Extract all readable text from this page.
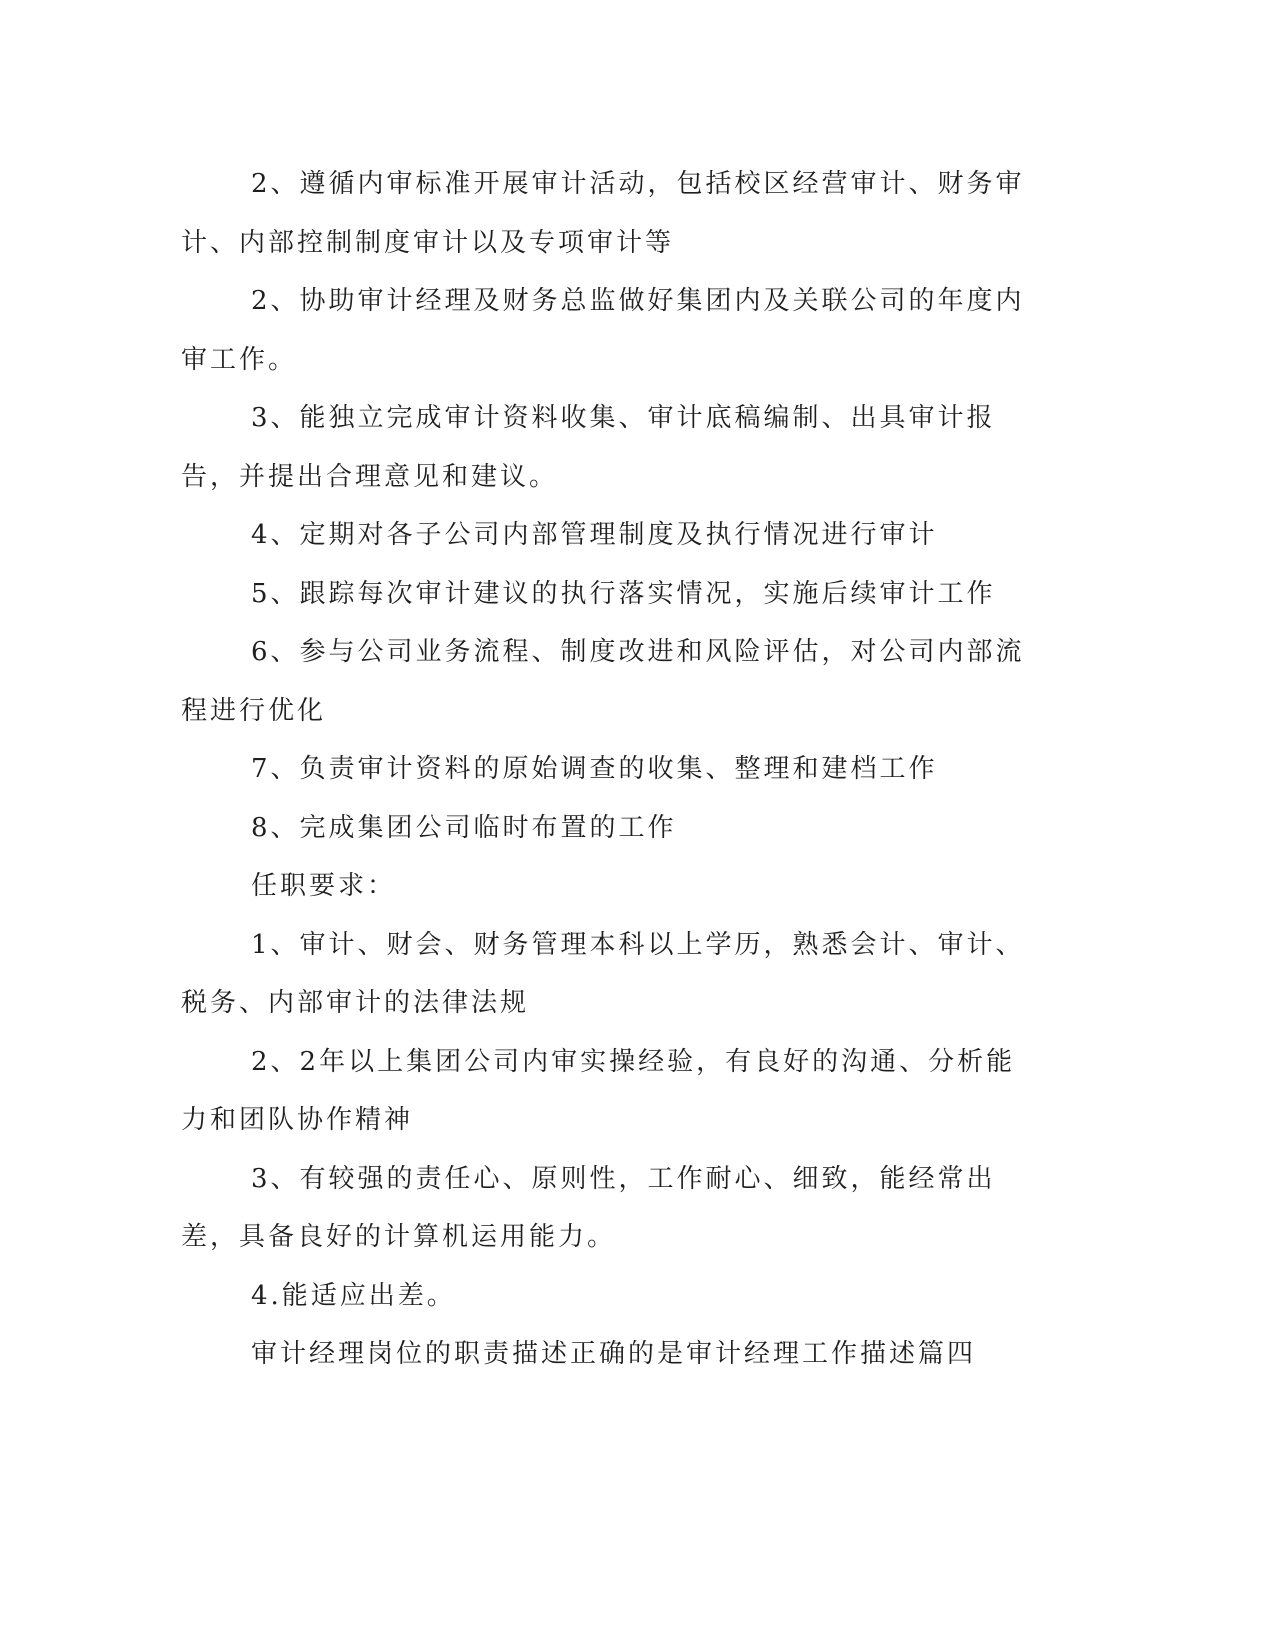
2、遵循内审标准开展审计活动，包括校区经营审计、财务审计、内部控制制度审计以及专项审计等

2、协助审计经理及财务总监做好集团内及关联公司的年度内审工作。

3、能独立完成审计资料收集、审计底稿编制、出具审计报告，并提出合理意见和建议。

4、定期对各子公司内部管理制度及执行情况进行审计

5、跟踪每次审计建议的执行落实情况，实施后续审计工作

6、参与公司业务流程、制度改进和风险评估，对公司内部流程进行优化

7、负责审计资料的原始调查的收集、整理和建档工作

8、完成集团公司临时布置的工作

任职要求：

1、审计、财会、财务管理本科以上学历，熟悉会计、审计、税务、内部审计的法律法规

2、2年以上集团公司内审实操经验，有良好的沟通、分析能力和团队协作精神

3、有较强的责任心、原则性，工作耐心、细致，能经常出差，具备良好的计算机运用能力。

4.能适应出差。

审计经理岗位的职责描述正确的是审计经理工作描述篇四
